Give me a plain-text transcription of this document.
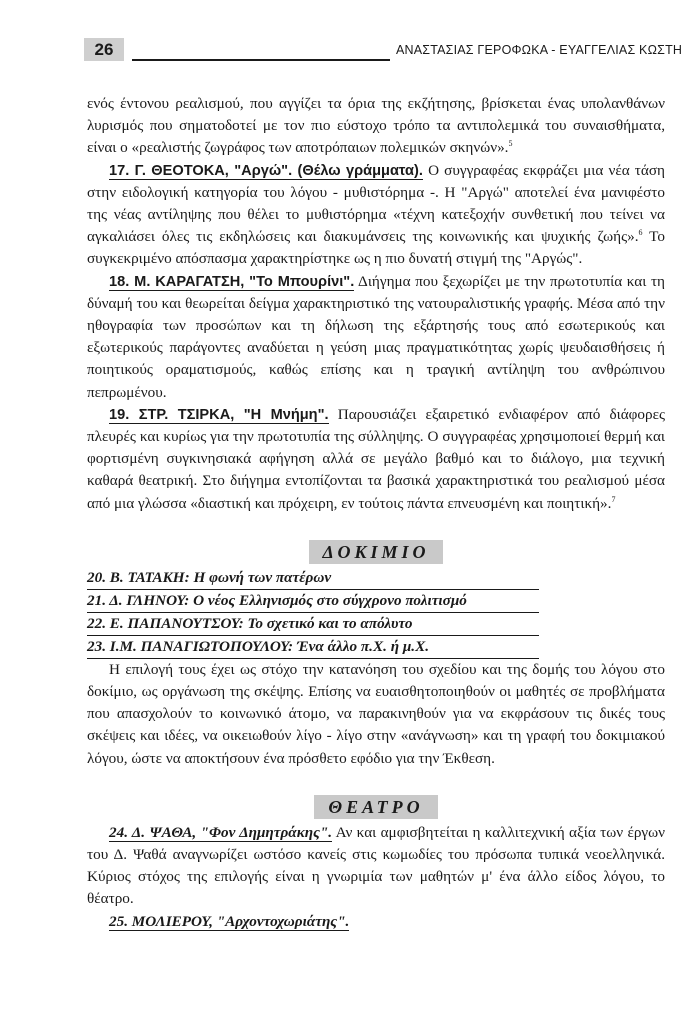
26	ΑΝΑΣΤΑΣΙΑΣ ΓΕΡΟΦΩΚΑ - ΕΥΑΓΓΕΛΙΑΣ ΚΩΣΤΗ

ενός έντονου ρεαλισμού, που αγγίζει τα όρια της εκζήτησης, βρίσκεται ένας υπολανθάνων λυρισμός που σηματοδοτεί με τον πιο εύστοχο τρόπο τα αντιπολεμικά του συναισθήματα, είναι ο «ρεαλιστής ζωγράφος των αποτρόπαιων πολεμικών σκηνών».$^5$

17. Γ. ΘΕΟΤΟΚΑ, "Αργώ". (Θέλω γράμματα). Ο συγγραφέας εκφράζει μια νέα τάση στην ειδολογική κατηγορία του λόγου - μυθιστόρημα -. Η "Αργώ" αποτελεί ένα μανιφέστο της νέας αντίληψης που θέλει το μυθιστόρημα «τέχνη κατεξοχήν συνθετική που τείνει να αγκαλιάσει όλες τις εκδηλώσεις και διακυμάνσεις της κοινωνικής και ψυχικής ζωής».$^6$ Το συγκεκριμένο απόσπασμα χαρακτηρίστηκε ως η πιο δυνατή στιγμή της "Αργώς".

18. Μ. ΚΑΡΑΓΑΤΣΗ, "Το Μπουρίνι". Διήγημα που ξεχωρίζει με την πρωτοτυπία και τη δύναμή του και θεωρείται δείγμα χαρακτηριστικό της νατουραλιστικής γραφής. Μέσα από την ηθογραφία των προσώπων και τη δήλωση της εξάρτησής τους από εσωτερικούς και εξωτερικούς παράγοντες αναδύεται η γεύση μιας πραγματικότητας χωρίς ψευδαισθήσεις ή ποιητικούς οραματισμούς, καθώς επίσης και η τραγική αντίληψη του ανθρώπινου πεπρωμένου.

19. ΣΤΡ. ΤΣΙΡΚΑ, "Η Μνήμη". Παρουσιάζει εξαιρετικό ενδιαφέρον από διάφορες πλευρές και κυρίως για την πρωτοτυπία της σύλληψης. Ο συγγραφέας χρησιμοποιεί θερμή και φορτισμένη συγκινησιακά αφήγηση αλλά σε μεγάλο βαθμό και το διάλογο, μια τεχνική καθαρά θεατρική. Στο διήγημα εντοπίζονται τα βασικά χαρακτηριστικά του ρεαλισμού μέσα από μια γλώσσα «διαστική και πρόχειρη, εν τούτοις πάντα επνευσμένη και ποιητική».$^7$

ΔΟΚΙΜΙΟ
20. Β. ΤΑΤΑΚΗ: Η φωνή των πατέρων
21. Δ. ΓΛΗΝΟΥ: Ο νέος Ελληνισμός στο σύγχρονο πολιτισμό
22. Ε. ΠΑΠΑΝΟΥΤΣΟΥ: Το σχετικό και το απόλυτο
23. Ι.Μ. ΠΑΝΑΓΙΩΤΟΠΟΥΛΟΥ: Ένα άλλο π.Χ. ή μ.Χ.

Η επιλογή τους έχει ως στόχο την κατανόηση του σχεδίου και της δομής του λόγου στο δοκίμιο, ως οργάνωση της σκέψης. Επίσης να ευαισθητοποιηθούν οι μαθητές σε προβλήματα που απασχολούν το κοινωνικό άτομο, να παρακινηθούν για να εκφράσουν τις δικές τους σκέψεις και ιδέες, να οικειωθούν λίγο - λίγο στην «ανάγνωση» και τη γραφή του δοκιμιακού λόγου, ώστε να αποκτήσουν ένα πρόσθετο εφόδιο για την Έκθεση.

ΘΕΑΤΡΟ

24. Δ. ΨΑΘΑ, "Φον Δημητράκης". Αν και αμφισβητείται η καλλιτεχνική αξία των έργων του Δ. Ψαθά αναγνωρίζει ωστόσο κανείς στις κωμωδίες του πρόσωπα τυπικά νεοελληνικά. Κύριος στόχος της επιλογής είναι η γνωριμία των μαθητών μ' ένα άλλο είδος λόγου, το θέατρο.

25. ΜΟΛΙΕΡΟΥ, "Αρχοντοχωριάτης".
